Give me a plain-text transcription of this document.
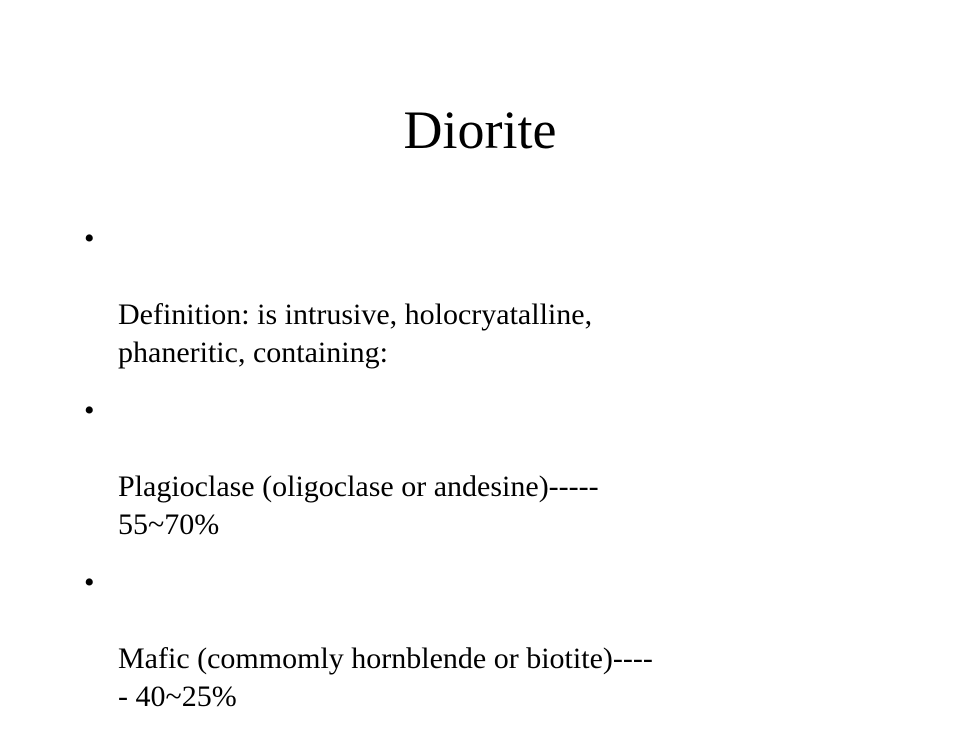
Diorite

•

Definition: is intrusive, holocryatalline,
phaneritic, containing:

•

Plagioclase (oligoclase or andesine)-----
55~70%

•

Mafic (commomly hornblende or biotite)----
- 40~25%
